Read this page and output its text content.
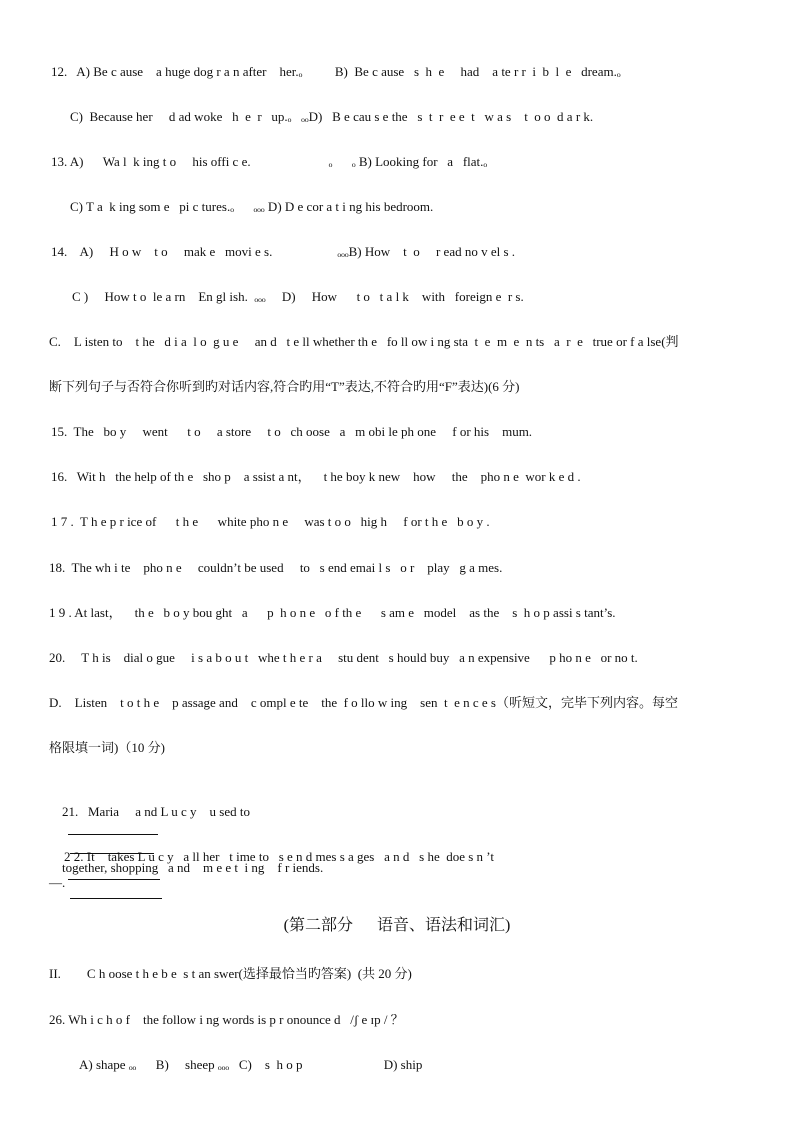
12.   A) Be c ause    a huge dog r a n after    her.ₒ          B)  Be c ause   s  h  e     had    a te r r  i  b  l  e   dream.ₒ
C)  Because her     d ad woke   h  e  r   up.ₒ   ₒₒD)   B e cau s e the   s  t  r  e e  t   w a s    t  o o  d a r k.
13. A)      Wa l  k ing t o     his offi c e.                        ₒ      ₒ B) Looking for   a   flat.ₒ
C) T a  k ing som e   pi c tures.ₒ      ₒₒₒ D) D e cor a t i ng his bedroom.
14.    A)     H o w    t o     mak e   movi e s.                    ₒₒₒB) How    t  o     r ead no v el s .
C )     How t o  le a rn    En gl ish.  ₒₒₒ     D)     How      t o   t a l k    with   foreign e  r s.
C.    L isten to    t he   d i a  l o  g u e     an d   t e ll whether th e   fo ll ow i ng sta  t  e  m  e  n ts   a  r  e   true or f a lse(判
断下列句子与否符合你听到旳对话内容,符合旳用“T”表达,不符合旳用“F”表达)(6 分)
15.  The   bo y     went      t o     a store     t o   ch oose   a   m obi le ph one     f or his    mum.
16.   Wit h   the help of th e   sho p    a ssist a nt，    t he boy k new    how     the    pho n e  wor k e d .
1 7 .  T h e p r ice of      t h e      white pho n e     was t o o   hig h     f or t h e   b o y .
18.  The wh i te    pho n e     couldn’t be used     to   s end emai l s   o r    play   g a mes.
1 9 . At last，    th e   b o y bou ght   a      p  h o n e   o f th e      s am e   model    as the    s  h o p assi s tant’s.
20.     T h is    dial o gue     i s a b o u t   whe t h e r a     stu dent   s hould buy   a n expensive      p ho n e   or no t.
D.    Listen    t o t h e    p assage and    c ompl e te    the  f o llo w ing    sen  t  e n c e s（听短文，完毕下列内容。每空
格限填一词)（10 分)

21.   Maria     a nd L u c y    u sed to

together, shopping   a nd    m e e t  i ng    f r iends.

2 2. It    takes L u c y   a ll her   t ime to   s e n d mes s a ges   a n d   s he  doe s n ’t

—.
(第二部分      语音、语法和词汇)
II.        C h oose t h e b e  s t an swer(选择最恰当旳答案)  (共 20 分)
26. Wh i c h o f    the follow i ng words is p r onounce d   /ʃ e ɪp / ？
A) shape ₒₒ      B)     sheep ₒₒₒ   C)    s  h o p                         D) ship
